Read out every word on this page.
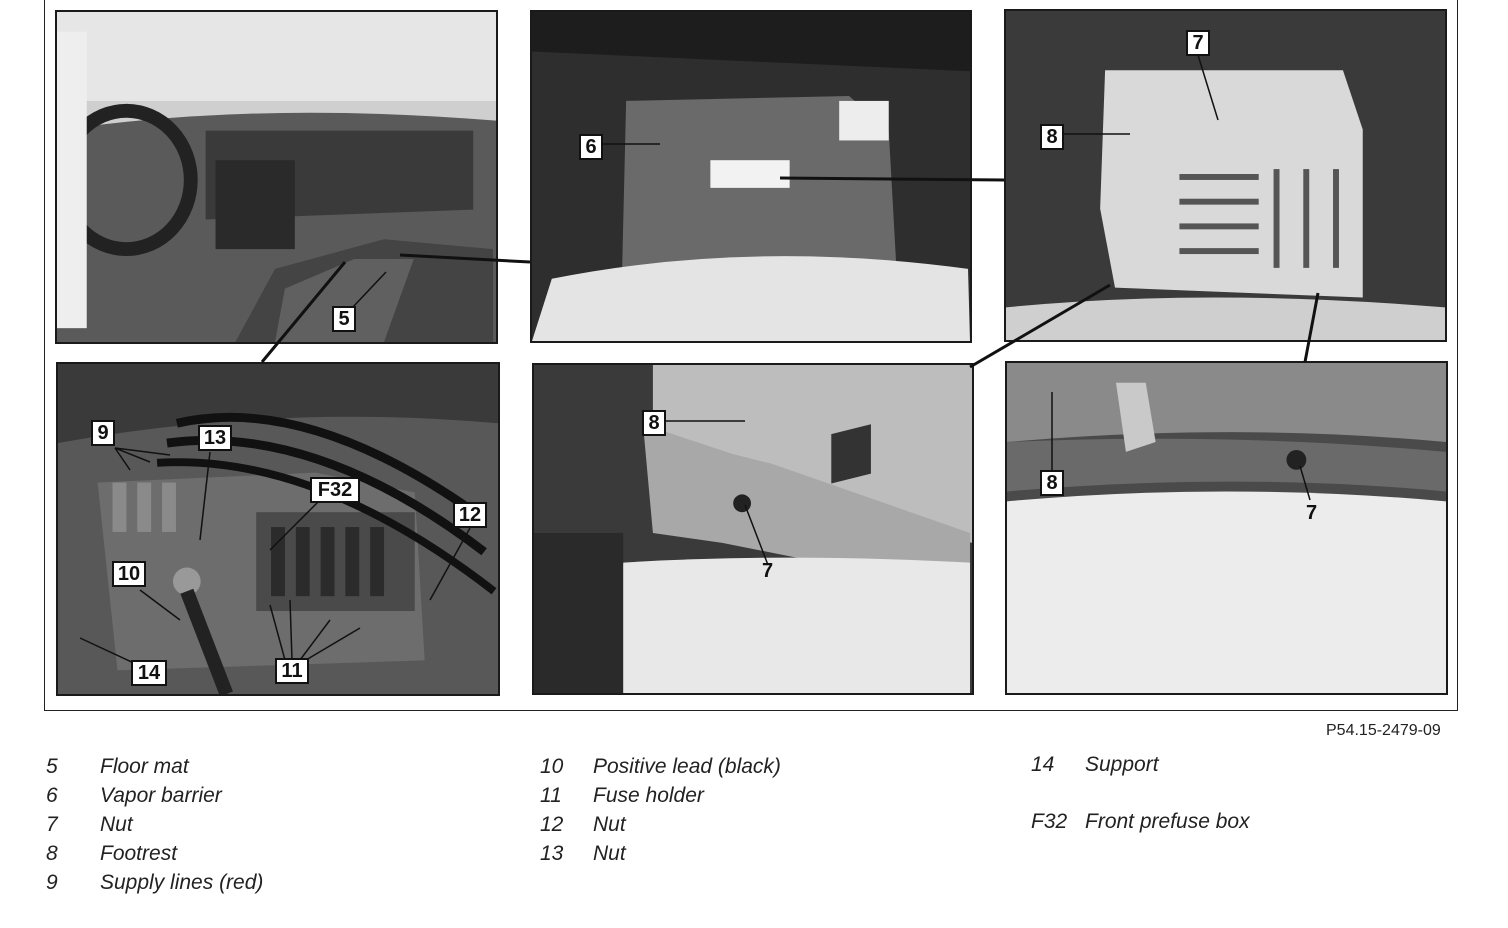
5
6
7
8
9	13
F32
12
10
14	11
8
7
8
7
P54.15-2479-09
5 Floor mat
6 Vapor barrier
7 Nut
8 Footrest
9 Supply lines (red)
10 Positive lead (black)
11 Fuse holder
12 Nut
13 Nut
14 Support
F32 Front prefuse box
